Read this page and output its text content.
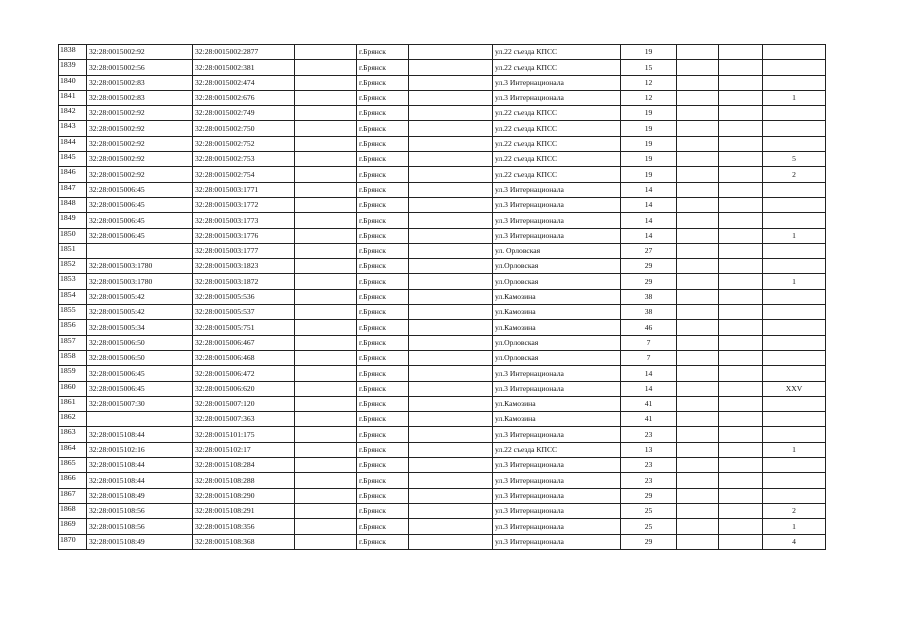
1838	32:28:0015002:92	32:28:0015002:2877		г.Брянск		ул.22 съезда КПСС	19			
1839	32:28:0015002:56	32:28:0015002:381		г.Брянск		ул.22 съезда КПСС	15			
1840	32:28:0015002:83	32:28:0015002:474		г.Брянск		ул.3 Интернационала	12			
1841	32:28:0015002:83	32:28:0015002:676		г.Брянск		ул.3 Интернационала	12			1
1842	32:28:0015002:92	32:28:0015002:749		г.Брянск		ул.22 съезда КПСС	19			
1843	32:28:0015002:92	32:28:0015002:750		г.Брянск		ул.22 съезда КПСС	19			
1844	32:28:0015002:92	32:28:0015002:752		г.Брянск		ул.22 съезда КПСС	19			
1845	32:28:0015002:92	32:28:0015002:753		г.Брянск		ул.22 съезда КПСС	19			5
1846	32:28:0015002:92	32:28:0015002:754		г.Брянск		ул.22 съезда КПСС	19			2
1847	32:28:0015006:45	32:28:0015003:1771		г.Брянск		ул.3 Интернационала	14			
1848	32:28:0015006:45	32:28:0015003:1772		г.Брянск		ул.3 Интернационала	14			
1849	32:28:0015006:45	32:28:0015003:1773		г.Брянск		ул.3 Интернационала	14			
1850	32:28:0015006:45	32:28:0015003:1776		г.Брянск		ул.3 Интернационала	14			1
1851		32:28:0015003:1777		г.Брянск		ул. Орловская	27			
1852	32:28:0015003:1780	32:28:0015003:1823		г.Брянск		ул.Орловская	29			
1853	32:28:0015003:1780	32:28:0015003:1872		г.Брянск		ул.Орловская	29			1
1854	32:28:0015005:42	32:28:0015005:536		г.Брянск		ул.Камозина	38			
1855	32:28:0015005:42	32:28:0015005:537		г.Брянск		ул.Камозина	38			
1856	32:28:0015005:34	32:28:0015005:751		г.Брянск		ул.Камозина	46			
1857	32:28:0015006:50	32:28:0015006:467		г.Брянск		ул.Орловская	7			
1858	32:28:0015006:50	32:28:0015006:468		г.Брянск		ул.Орловская	7			
1859	32:28:0015006:45	32:28:0015006:472		г.Брянск		ул.3 Интернационала	14			
1860	32:28:0015006:45	32:28:0015006:620		г.Брянск		ул.3 Интернационала	14			XXV
1861	32:28:0015007:30	32:28:0015007:120		г.Брянск		ул.Камозина	41			
1862		32:28:0015007:363		г.Брянск		ул.Камозина	41			
1863	32:28:0015108:44	32:28:0015101:175		г.Брянск		ул.3 Интернационала	23			
1864	32:28:0015102:16	32:28:0015102:17		г.Брянск		ул.22 съезда КПСС	13			1
1865	32:28:0015108:44	32:28:0015108:284		г.Брянск		ул.3 Интернационала	23			
1866	32:28:0015108:44	32:28:0015108:288		г.Брянск		ул.3 Интернационала	23			
1867	32:28:0015108:49	32:28:0015108:290		г.Брянск		ул.3 Интернационала	29			
1868	32:28:0015108:56	32:28:0015108:291		г.Брянск		ул.3 Интернационала	25			2
1869	32:28:0015108:56	32:28:0015108:356		г.Брянск		ул.3 Интернационала	25			1
1870	32:28:0015108:49	32:28:0015108:368		г.Брянск		ул.3 Интернационала	29			4
